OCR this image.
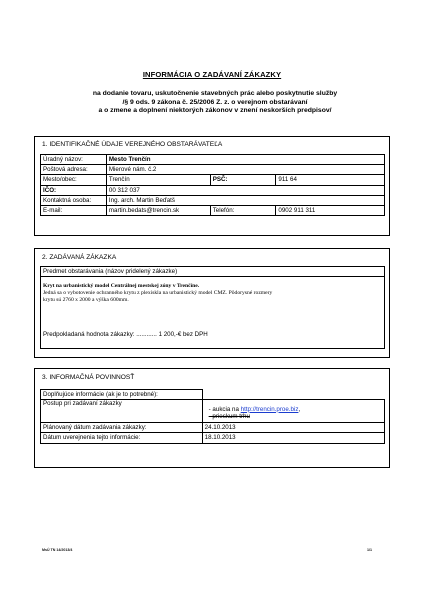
INFORMÁCIA O ZADÁVANÍ ZÁKAZKY
na dodanie tovaru, uskutočnenie stavebných prác alebo poskytnutie služby
/§ 9 ods. 9 zákona č. 25/2006 Z. z. o verejnom obstarávaní
a o zmene a doplnení niektorých zákonov v znení neskorších predpisov/
1. IDENTIFIKAČNÉ ÚDAJE VEREJNÉHO OBSTARÁVATEĽA
Úradný názov:	Mesto Trenčín		
Poštová adresa:	Mierové nám. č.2		
Mesto/obec:	Trenčín	PSČ:	911 64
IČO:	00 312 037		
Kontaktná osoba:	Ing. arch. Martin Beďatš		
E-mail:	martin.bedats@trencin.sk	Telefón:	0902 911 311
2. ZADÁVANÁ ZÁKAZKA
Predmet obstarávania (názov pridelený zákazke)

Kryt na urbanistický model Centrálnej mestskej zóny v Trenčíne.
Jedná sa o vybotovenie ochranného krytu z plexiskla na urbanistický model CMZ. Pôdorysné rozmery
krytu sú 2760 x 2000 a výška 600mm.
Predpokladaná hodnota zákazky: ............ 1 200,-€ bez DPH
3. INFORMAČNÁ POVINNOSŤ
Doplňujúce informácie (ak je to potrebné):	
Postup pri zadávaní zákazky	- aukcia na http://trencin.proe.biz,
- prieskum trhu

Plánovaný dátum zadávania zákazky:	24.10.2013
Dátum uverejnenia tejto informácie:	18.10.2013
MsÚ TN 14/2013/4	1/1
